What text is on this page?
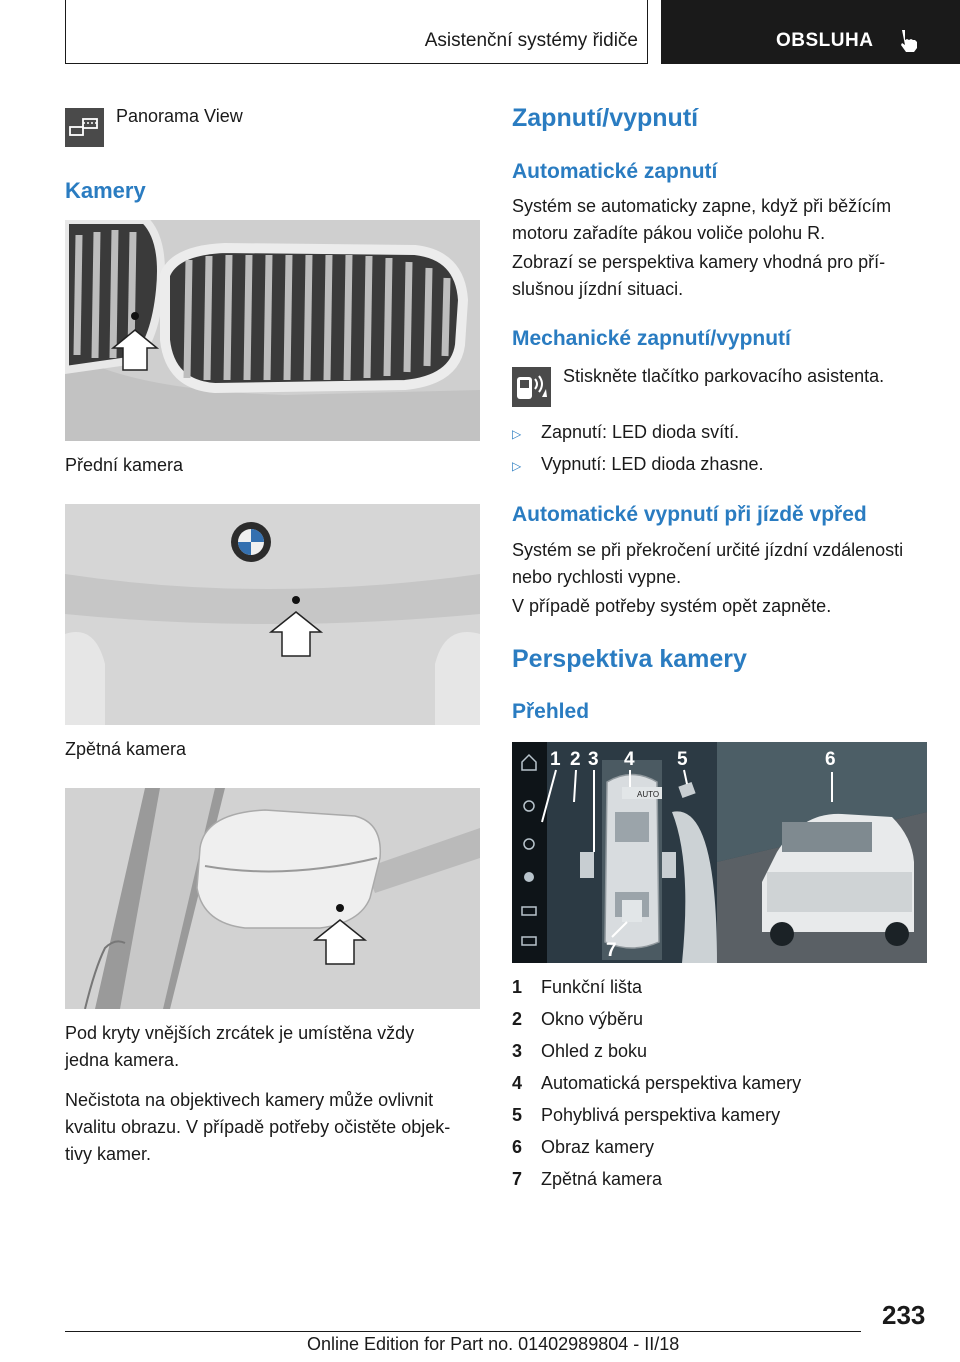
Asistenční systémy řidiče	OBSLUHA
Panorama View
Kamery
Přední kamera
Zpětná kamera
Pod kryty vnějších zrcátek je umístěna vždy
jedna kamera.
Nečistota na objektivech kamery může ovlivnit
kvalitu obrazu. V případě potřeby očistěte objek-
tivy kamer.
Zapnutí/vypnutí
Automatické zapnutí
Systém se automaticky zapne, když při běžícím
motoru zařadíte pákou voliče polohu R.
Zobrazí se perspektiva kamery vhodná pro pří-
slušnou jízdní situaci.
Mechanické zapnutí/vypnutí
Stiskněte tlačítko parkovacího asistenta.
▷ Zapnutí: LED dioda svítí.
▷ Vypnutí: LED dioda zhasne.
Automatické vypnutí při jízdě vpřed
Systém se při překročení určité jízdní vzdálenosti
nebo rychlosti vypne.
V případě potřeby systém opět zapněte.
Perspektiva kamery
Přehled
AUTO
1 2 3 4 5	6
7
1 Funkční lišta
2 Okno výběru
3 Ohled z boku
4 Automatická perspektiva kamery
5 Pohyblivá perspektiva kamery
6 Obraz kamery
7 Zpětná kamera
233
Online Edition for Part no. 01402989804 - II/18
